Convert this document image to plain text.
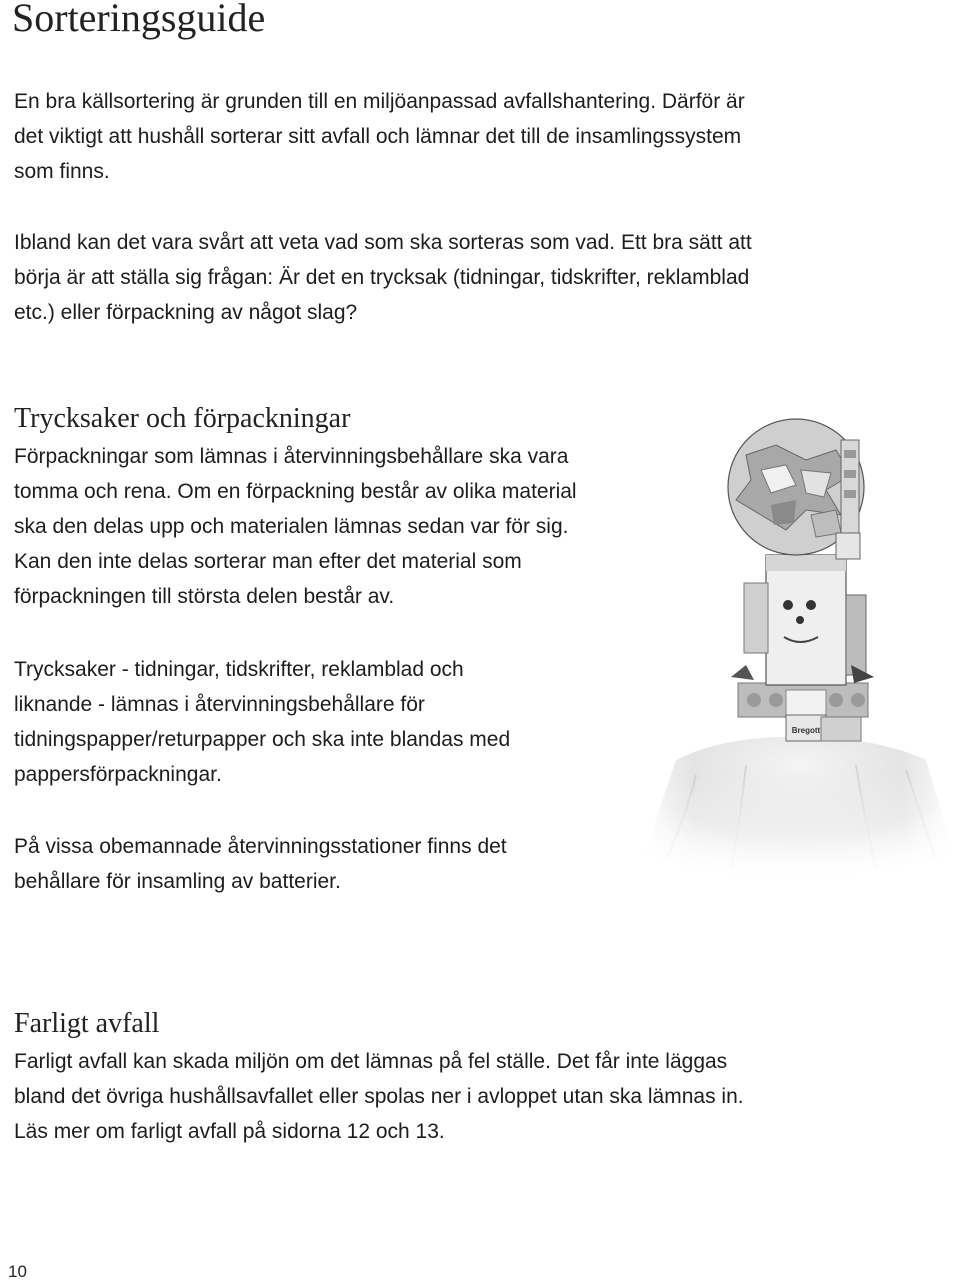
Sorteringsguide

En bra källsortering är grunden till en miljöanpassad avfallshantering. Därför är
det viktigt att hushåll sorterar sitt avfall och lämnar det till de insamlingssystem
som finns.

Ibland kan det vara svårt att veta vad som ska sorteras som vad. Ett bra sätt att
börja är att ställa sig frågan: Är det en trycksak (tidningar, tidskrifter, reklamblad
etc.) eller förpackning av något slag?

Trycksaker och förpackningar

Förpackningar som lämnas i återvinningsbehållare ska vara
tomma och rena. Om en förpackning består av olika material
ska den delas upp och materialen lämnas sedan var för sig.
Kan den inte delas sorterar man efter det material som
förpackningen till största delen består av.

Trycksaker - tidningar, tidskrifter, reklamblad och
liknande - lämnas i återvinningsbehållare för
tidningspapper/returpapper och ska inte blandas med
pappersförpackningar.

På vissa obemannade återvinningsstationer finns det
behållare för insamling av batterier.

Farligt avfall

Farligt avfall kan skada miljön om det lämnas på fel ställe. Det får inte läggas
bland det övriga hushållsavfallet eller spolas ner i avloppet utan ska lämnas in.
Läs mer om farligt avfall på sidorna 12 och 13.

Bregott
10
